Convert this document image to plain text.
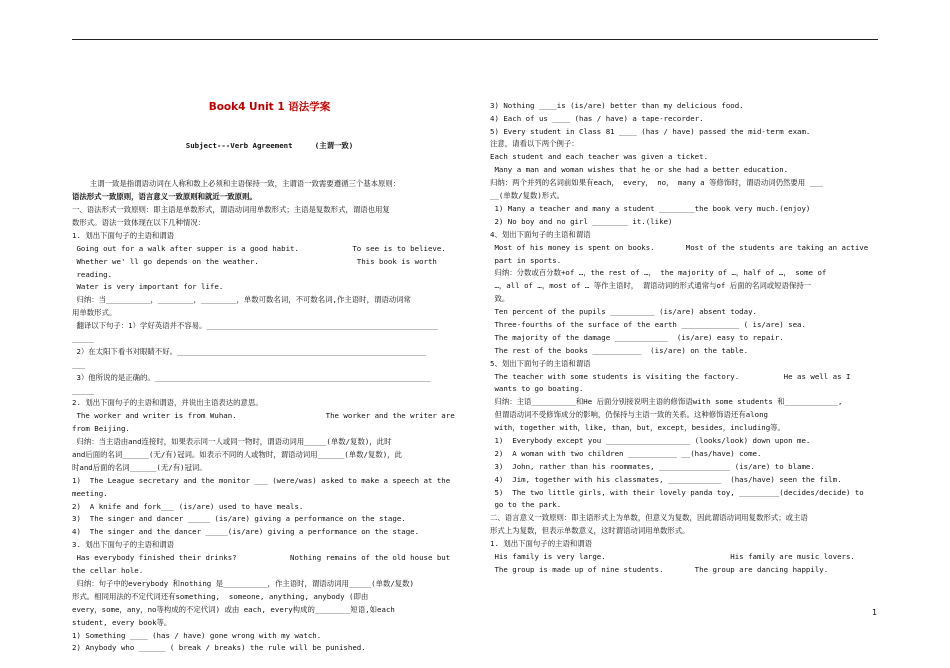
Book4 Unit 1 语法学案

Subject---Verb Agreement     (主谓一致)

主谓一致是指谓语动词在人称和数上必须和主语保持一致，主谓语一致需要遵循三个基本原则：
语法形式一致原则，语言意义一致原则和就近一致原则。
一、语法形式一致原则：即主语是单数形式，谓语动词用单数形式；主语是复数形式，谓语也用复
数形式。语法一致体现在以下几种情况：
1. 划出下面句子的主语和谓语
Going out for a walk after supper is a good habit.            To see is to believe.
Whether we' ll go depends on the weather.                      This book is worth
reading.
Water is very important for life.
归纳：当__________，________，________，单数可数名词，不可数名词,作主语时，谓语动词常
用单数形式。
翻译以下句子：1）学好英语并不容易。____________________________________________________
_____
2）在太阳下看书对眼睛不好。________________________________________________________
___
3）他所说的是正确的。______________________________________________________________
_____
2. 划出下面句子的主语和谓语，并说出主语表达的意思。
The worker and writer is from Wuhan.                    The worker and the writer are
from Beijing.
归纳：当主语由and连接时，如果表示同一人或同一物时，谓语动词用_____(单数/复数)，此时
and后面的名词______(无/有)冠词。如表示不同的人或物时，谓语动词用______(单数/复数)，此
时and后面的名词______(无/有)冠词。
1)  The League secretary and the monitor ___ (were/was) asked to make a speech at the
meeting.
2)  A knife and fork___ (is/are) used to have meals.
3)  The singer and dancer _____ (is/are) giving a performance on the stage.
4)  The singer and the dancer _____(is/are) giving a performance on the stage.
3. 划出下面句子的主语和谓语
Has everybody finished their drinks?            Nothing remains of the old house but
the cellar hole.
归纳：句子中的everybody 和nothing 是__________，作主语时，谓语动词用_____(单数/复数)
形式。相同用法的不定代词还有something,  someone, anything, anybody (即由
every，some，any，no等构成的不定代词) 或由 each, every构成的________短语,如each
student, every book等。
1) Something ____ (has / have) gone wrong with my watch.
2) Anybody who ______ ( break / breaks) the rule will be punished.

3) Nothing ____is (is/are) better than my delicious food.
4) Each of us ____ (has / have) a tape-recorder.
5) Every student in Class 81 ____ (has / have) passed the mid-term exam.
注意，请看以下两个例子：
Each student and each teacher was given a ticket.
Many a man and woman wishes that he or she had a better education.
归纳：两个并列的名词前如果有each， every， no， many a 等修饰时，谓语动词仍然要用 ___
__(单数/复数)形式。
1) Many a teacher and many a student ________the book very much.(enjoy)
2) No boy and no girl ________ it.(like)
4、划出下面句子的主语和谓语
Most of his money is spent on books.       Most of the students are taking an active
part in sports.
归纳：分数或百分数+of …，the rest of …， the majority of …，half of …， some of
…，all of …，most of … 等作主语时， 谓语动词的形式通常与of 后面的名词或短语保持一
致。
Ten percent of the pupils __________ (is/are) absent today.
Three-fourths of the surface of the earth _____________ ( is/are) sea.
The majority of the damage ____________  (is/are) easy to repair.
The rest of the books ___________  (is/are) on the table.
5、划出下面句子的主语和谓语
The teacher with some students is visiting the factory.          He as well as I
wants to go boating.
归纳：主语__________和He 后面分别接说明主语的修饰语with some students 和____________,
但谓语动词不受修饰成分的影响，仍保持与主语一致的关系。这种修饰语还有along
with，together with，like, than，but，except，besides，including等。
1)  Everybody except you ___________________ (looks/look) down upon me.
2)  A woman with two children ___________ __(has/have) come.
3)  John, rather than his roommates, ________________ (is/are) to blame.
4)  Jim, together with his classmates, ____________  (has/have) seen the film.
5)  The two little girls, with their lovely panda toy, _________(decides/decide) to
go to the park.
二、语言意义一致原则：即主语形式上为单数，但意义为复数，因此谓语动词用复数形式；或主语
形式上为复数，但表示单数意义，这时谓语动词用单数形式。
1. 划出下面句子的主语和谓语
His family is very large.                            His family are music lovers.
The group is made up of nine students.       The group are dancing happily.

1
